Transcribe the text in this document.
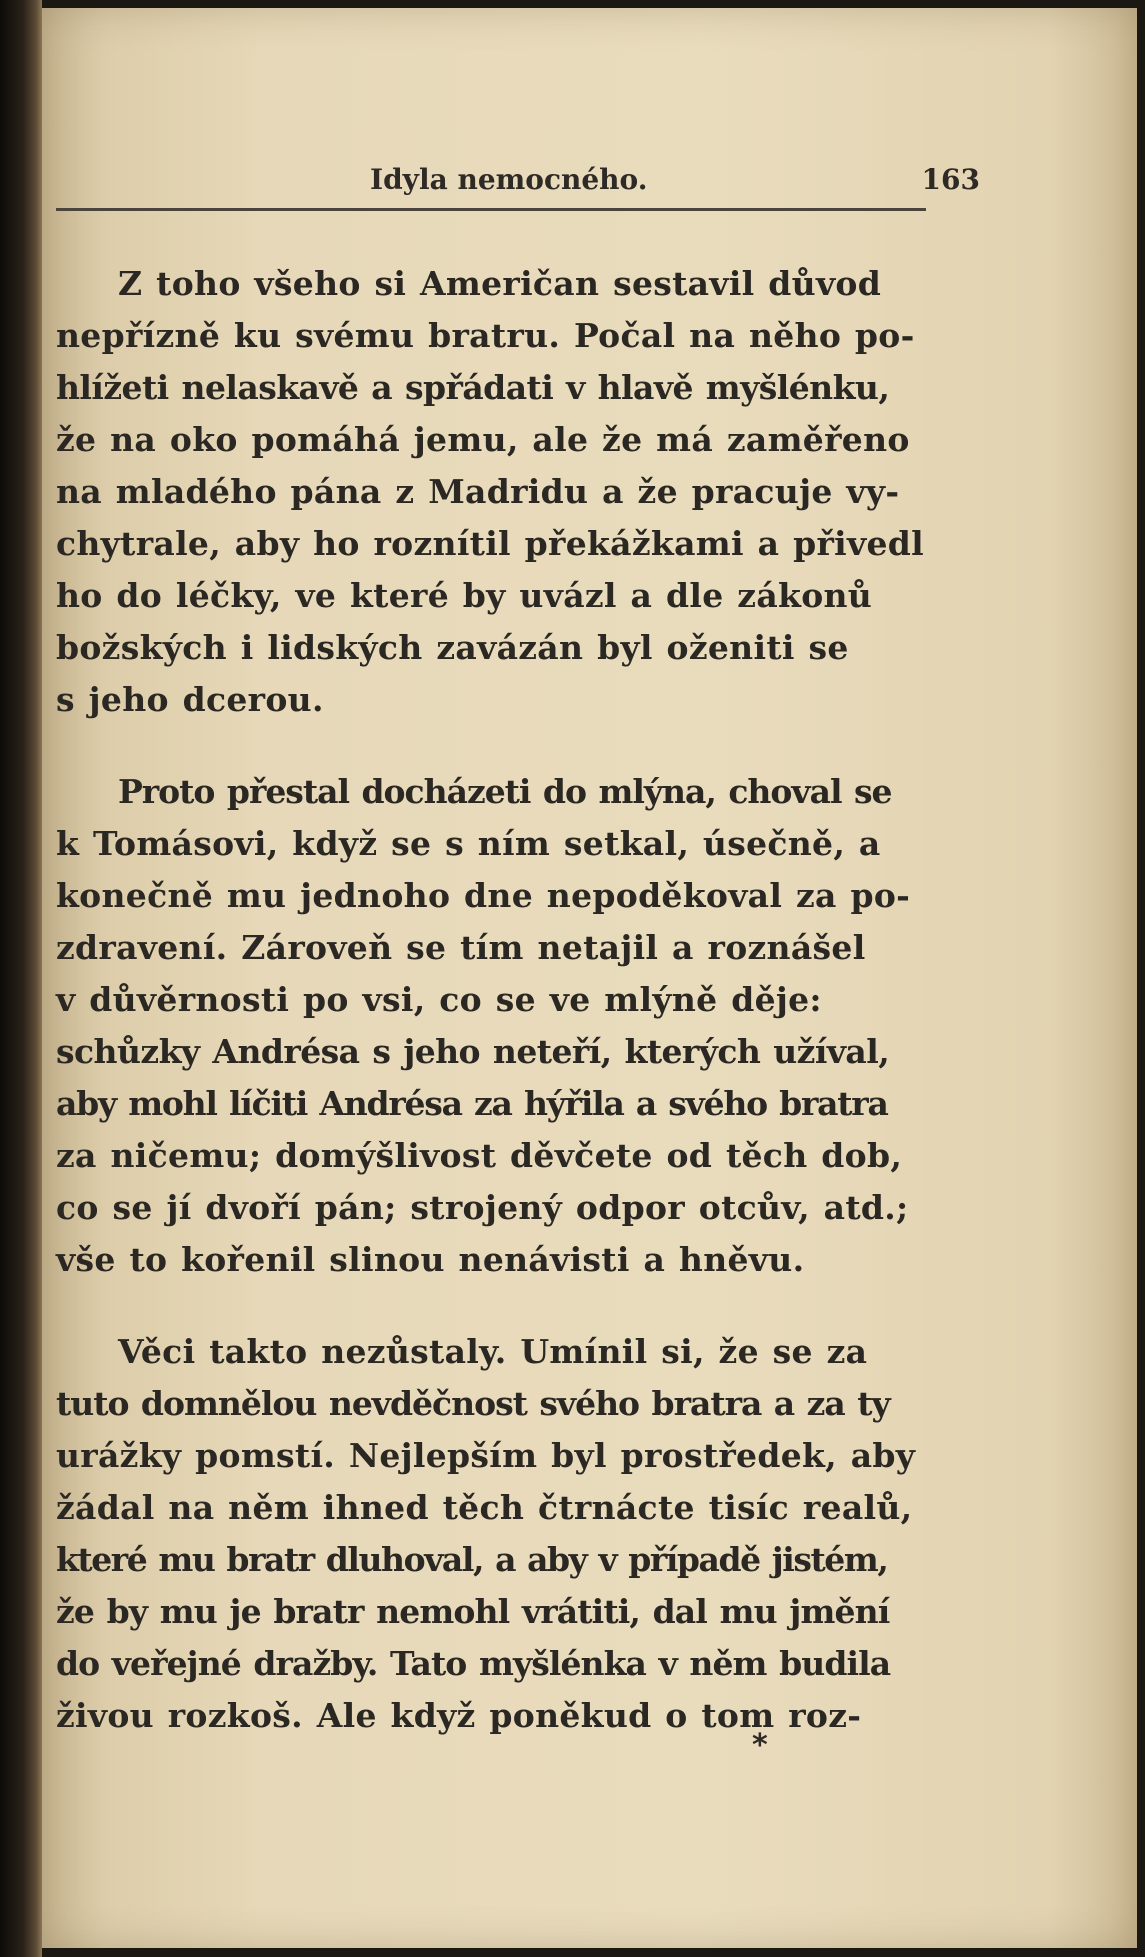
Idyla nemocného.	163

Z toho všeho si Američan sestavil důvod
nepřízně ku svému bratru. Počal na něho po-
hlížeti nelaskavě a spřádati v hlavě myšlénku,
že na oko pomáhá jemu, ale že má zaměřeno
na mladého pána z Madridu a že pracuje vy-
chytrale, aby ho roznítil překážkami a přivedl
ho do léčky, ve které by uvázl a dle zákonů
božských i lidských zavázán byl oženiti se
s jeho dcerou.

Proto přestal docházeti do mlýna, choval se
k Tomásovi, když se s ním setkal, úsečně, a
konečně mu jednoho dne nepoděkoval za po-
zdravení. Zároveň se tím netajil a roznášel
v důvěrnosti po vsi, co se ve mlýně děje:
schůzky Andrésa s jeho neteří, kterých užíval,
aby mohl líčiti Andrésa za hýřila a svého bratra
za ničemu; domýšlivost děvčete od těch dob,
co se jí dvoří pán; strojený odpor otcův, atd.;
vše to kořenil slinou nenávisti a hněvu.

Věci takto nezůstaly. Umínil si, že se za
tuto domnělou nevděčnost svého bratra a za ty
urážky pomstí. Nejlepším byl prostředek, aby
žádal na něm ihned těch čtrnácte tisíc realů,
které mu bratr dluhoval, a aby v případě jistém,
že by mu je bratr nemohl vrátiti, dal mu jmění
do veřejné dražby. Tato myšlénka v něm budila
živou rozkoš. Ale když poněkud o tom roz-

*
